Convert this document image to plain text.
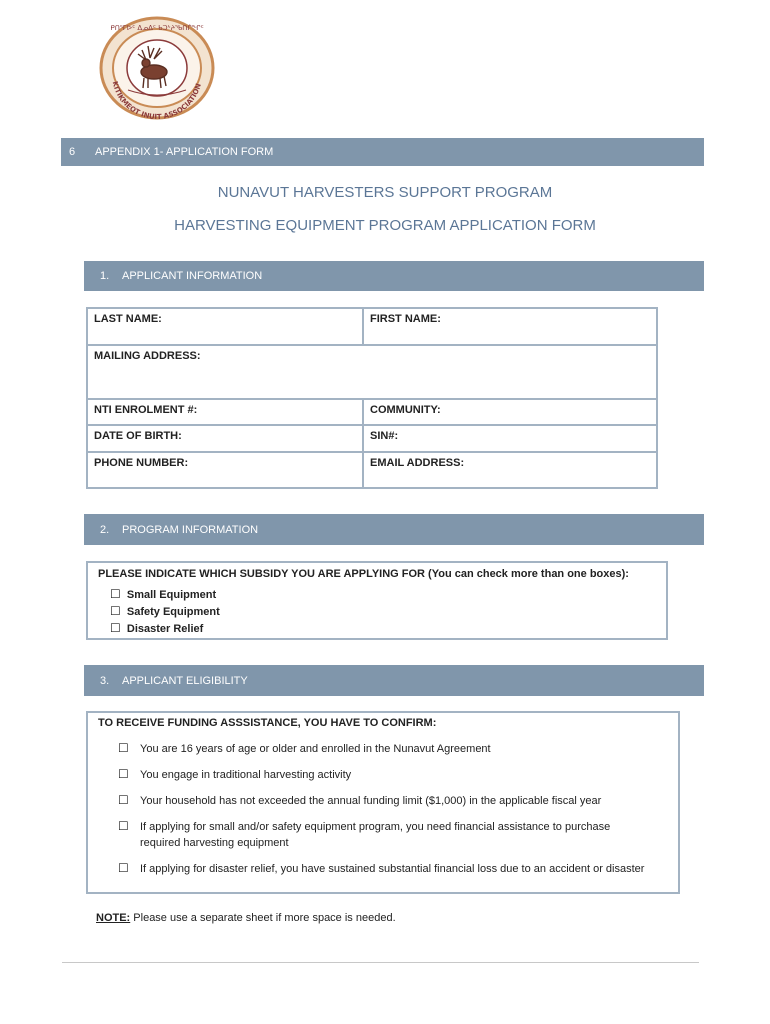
KITIKMEOT INUIT ASSOCIATION
ᑭᑎᕐᒥᐅᑦ ᐃᓄᐃᑦ ᑲᑐᔾᔨᖃᑎᒌᖏᑦ
6 APPENDIX 1- APPLICATION FORM
NUNAVUT HARVESTERS SUPPORT PROGRAM
HARVESTING EQUIPMENT PROGRAM APPLICATION FORM
1. APPLICANT INFORMATION
LAST NAME:	FIRST NAME:
MAILING ADDRESS:
NTI ENROLMENT #:	COMMUNITY:
DATE OF BIRTH:	SIN#:
PHONE NUMBER:	EMAIL ADDRESS:
2. PROGRAM INFORMATION
PLEASE INDICATE WHICH SUBSIDY YOU ARE APPLYING FOR (You can check more than one boxes):
☐ Small Equipment
☐ Safety Equipment
☐ Disaster Relief
3. APPLICANT ELIGIBILITY
TO RECEIVE FUNDING ASSSISTANCE, YOU HAVE TO CONFIRM:
☐ You are 16 years of age or older and enrolled in the Nunavut Agreement
☐ You engage in traditional harvesting activity
☐ Your household has not exceeded the annual funding limit ($1,000) in the applicable fiscal year
☐ If applying for small and/or safety equipment program, you need financial assistance to purchase required harvesting equipment
☐ If applying for disaster relief, you have sustained substantial financial loss due to an accident or disaster
NOTE: Please use a separate sheet if more space is needed.
